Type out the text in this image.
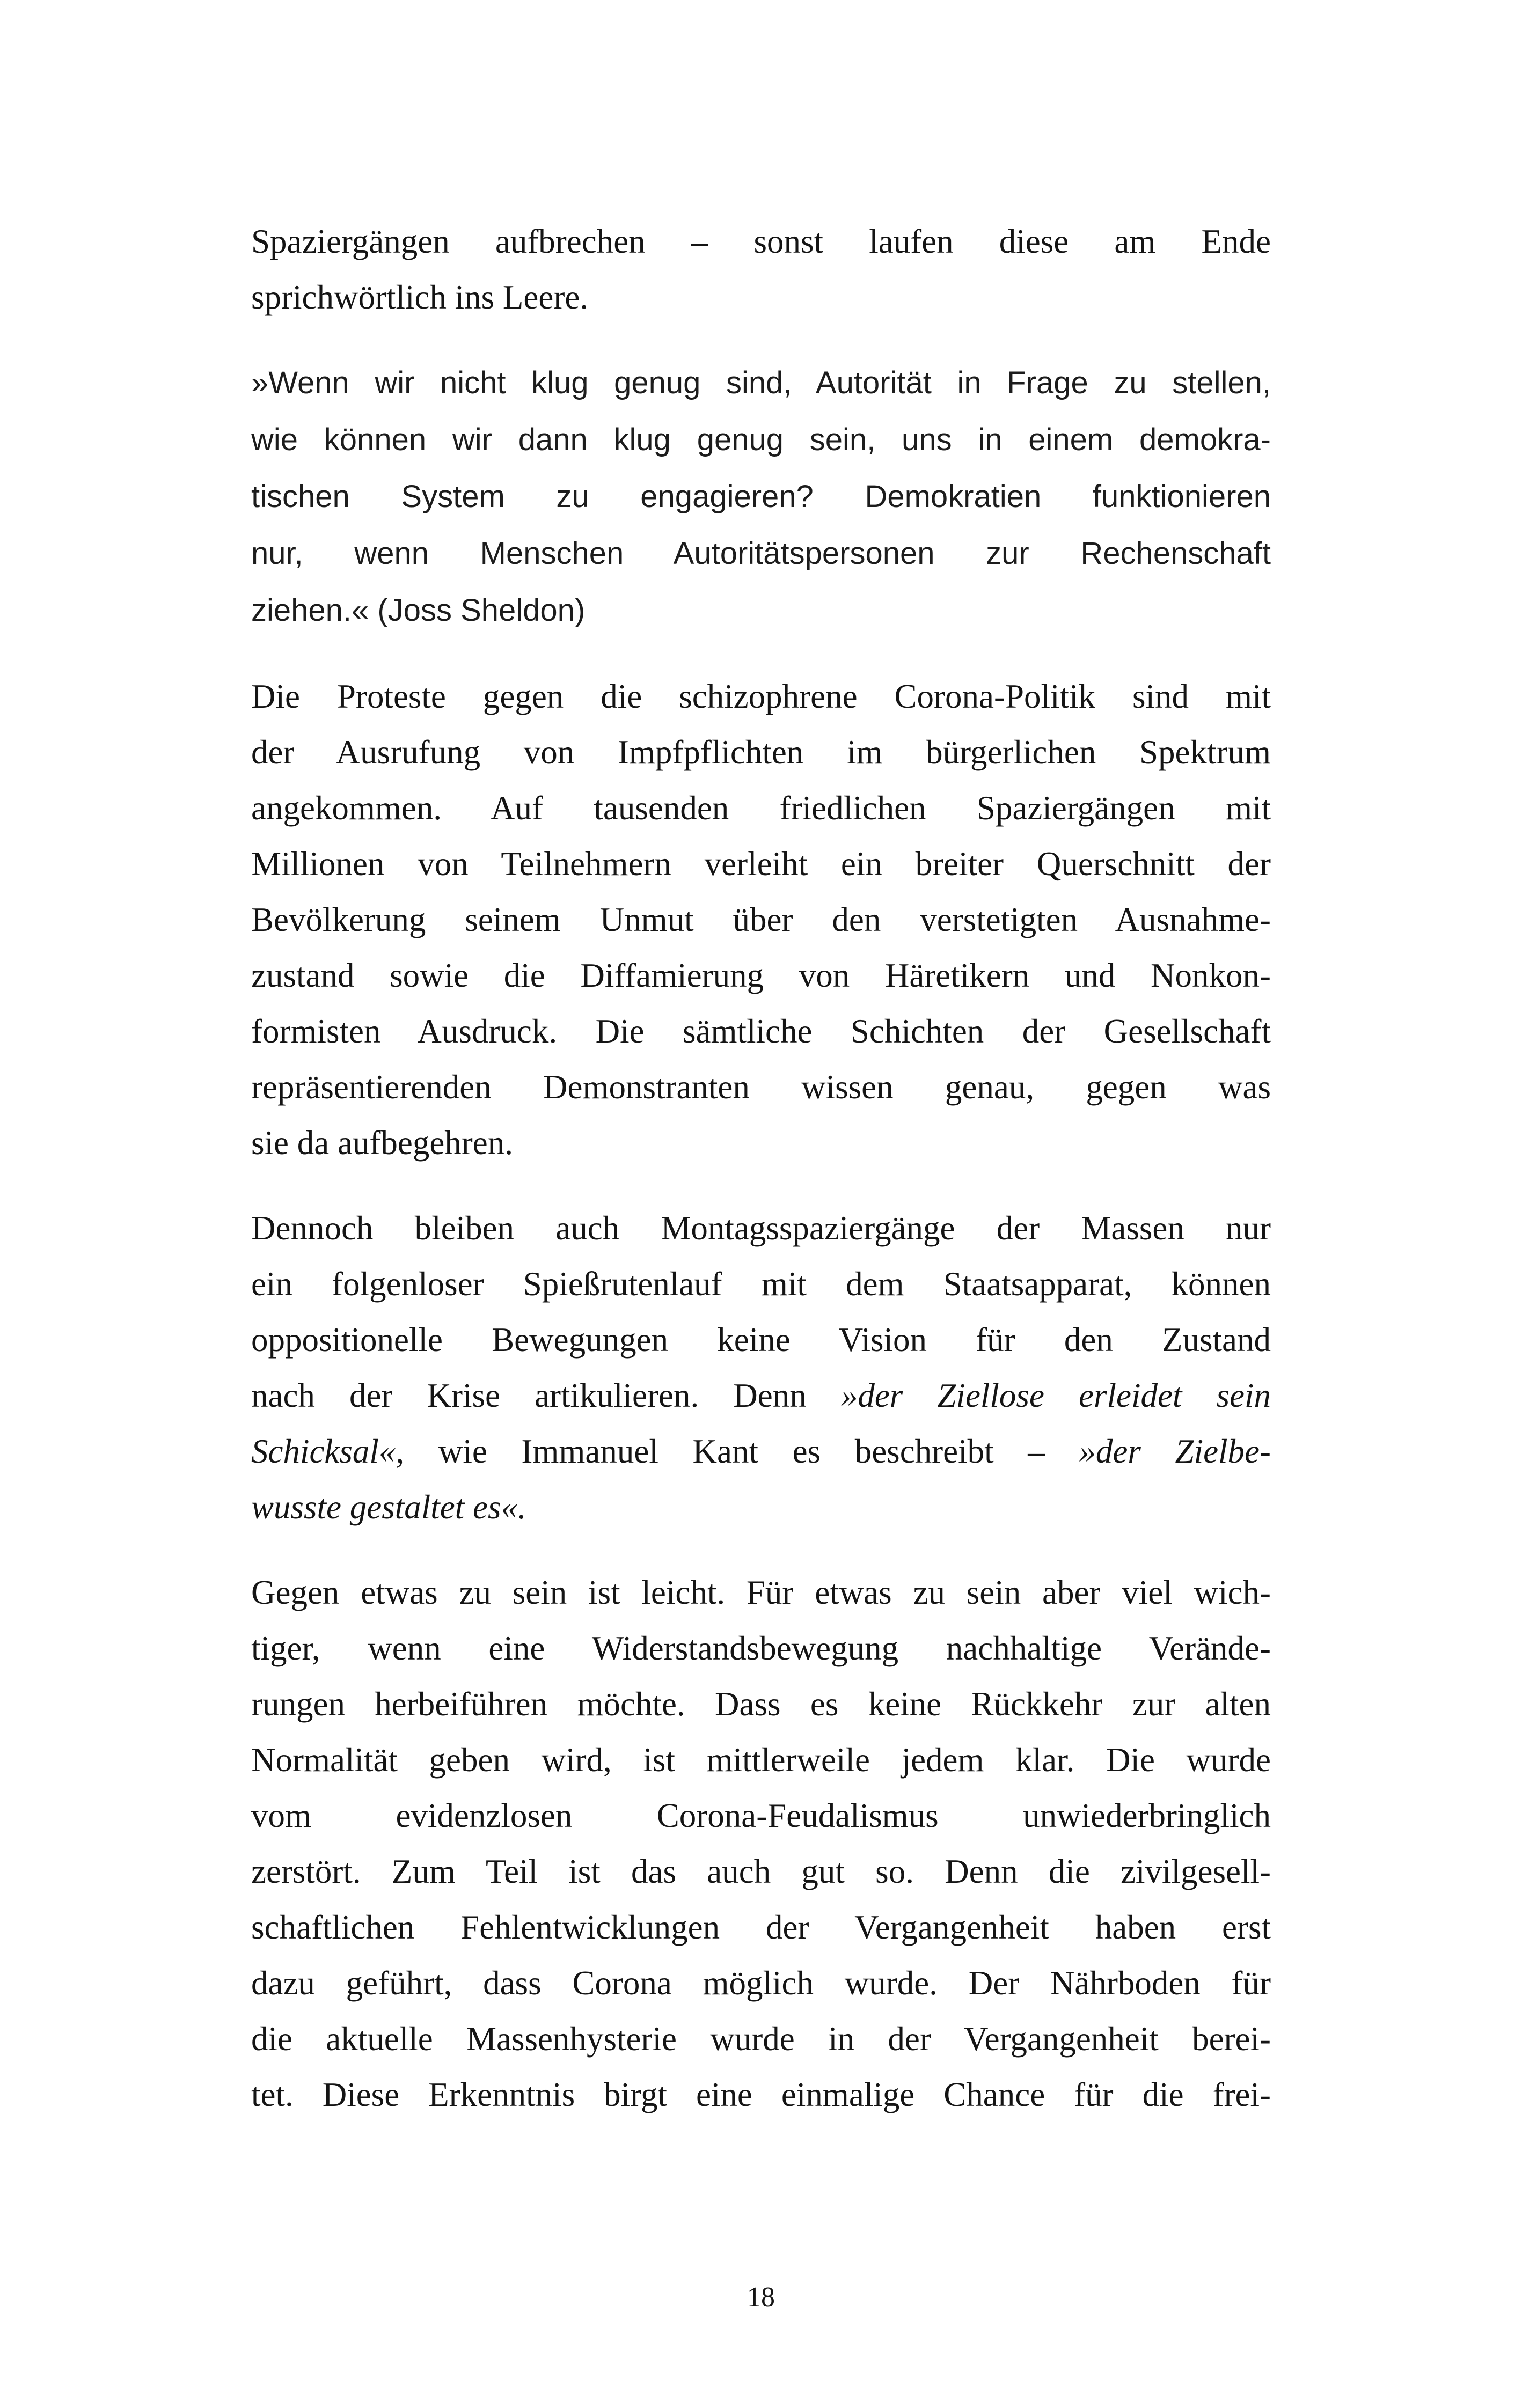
Spaziergängen aufbrechen – sonst laufen diese am Ende
sprichwörtlich ins Leere.

»Wenn wir nicht klug genug sind, Autorität in Frage zu stellen,
wie können wir dann klug genug sein, uns in einem demokra-
tischen System zu engagieren? Demokratien funktionieren
nur, wenn Menschen Autoritätspersonen zur Rechenschaft
ziehen.« (Joss Sheldon)

Die Proteste gegen die schizophrene Corona-Politik sind mit
der Ausrufung von Impfpflichten im bürgerlichen Spektrum
angekommen. Auf tausenden friedlichen Spaziergängen mit
Millionen von Teilnehmern verleiht ein breiter Querschnitt der
Bevölkerung seinem Unmut über den verstetigten Ausnahme-
zustand sowie die Diffamierung von Häretikern und Nonkon-
formisten Ausdruck. Die sämtliche Schichten der Gesellschaft
repräsentierenden Demonstranten wissen genau, gegen was
sie da aufbegehren.

Dennoch bleiben auch Montagsspaziergänge der Massen nur
ein folgenloser Spießrutenlauf mit dem Staatsapparat, können
oppositionelle Bewegungen keine Vision für den Zustand
nach der Krise artikulieren. Denn »der Ziellose erleidet sein
Schicksal«, wie Immanuel Kant es beschreibt – »der Zielbe-
wusste gestaltet es«.

Gegen etwas zu sein ist leicht. Für etwas zu sein aber viel wich-
tiger, wenn eine Widerstandsbewegung nachhaltige Verände-
rungen herbeiführen möchte. Dass es keine Rückkehr zur alten
Normalität geben wird, ist mittlerweile jedem klar. Die wurde
vom evidenzlosen Corona-Feudalismus unwiederbringlich
zerstört. Zum Teil ist das auch gut so. Denn die zivilgesell-
schaftlichen Fehlentwicklungen der Vergangenheit haben erst
dazu geführt, dass Corona möglich wurde. Der Nährboden für
die aktuelle Massenhysterie wurde in der Vergangenheit berei-
tet. Diese Erkenntnis birgt eine einmalige Chance für die frei-

18
